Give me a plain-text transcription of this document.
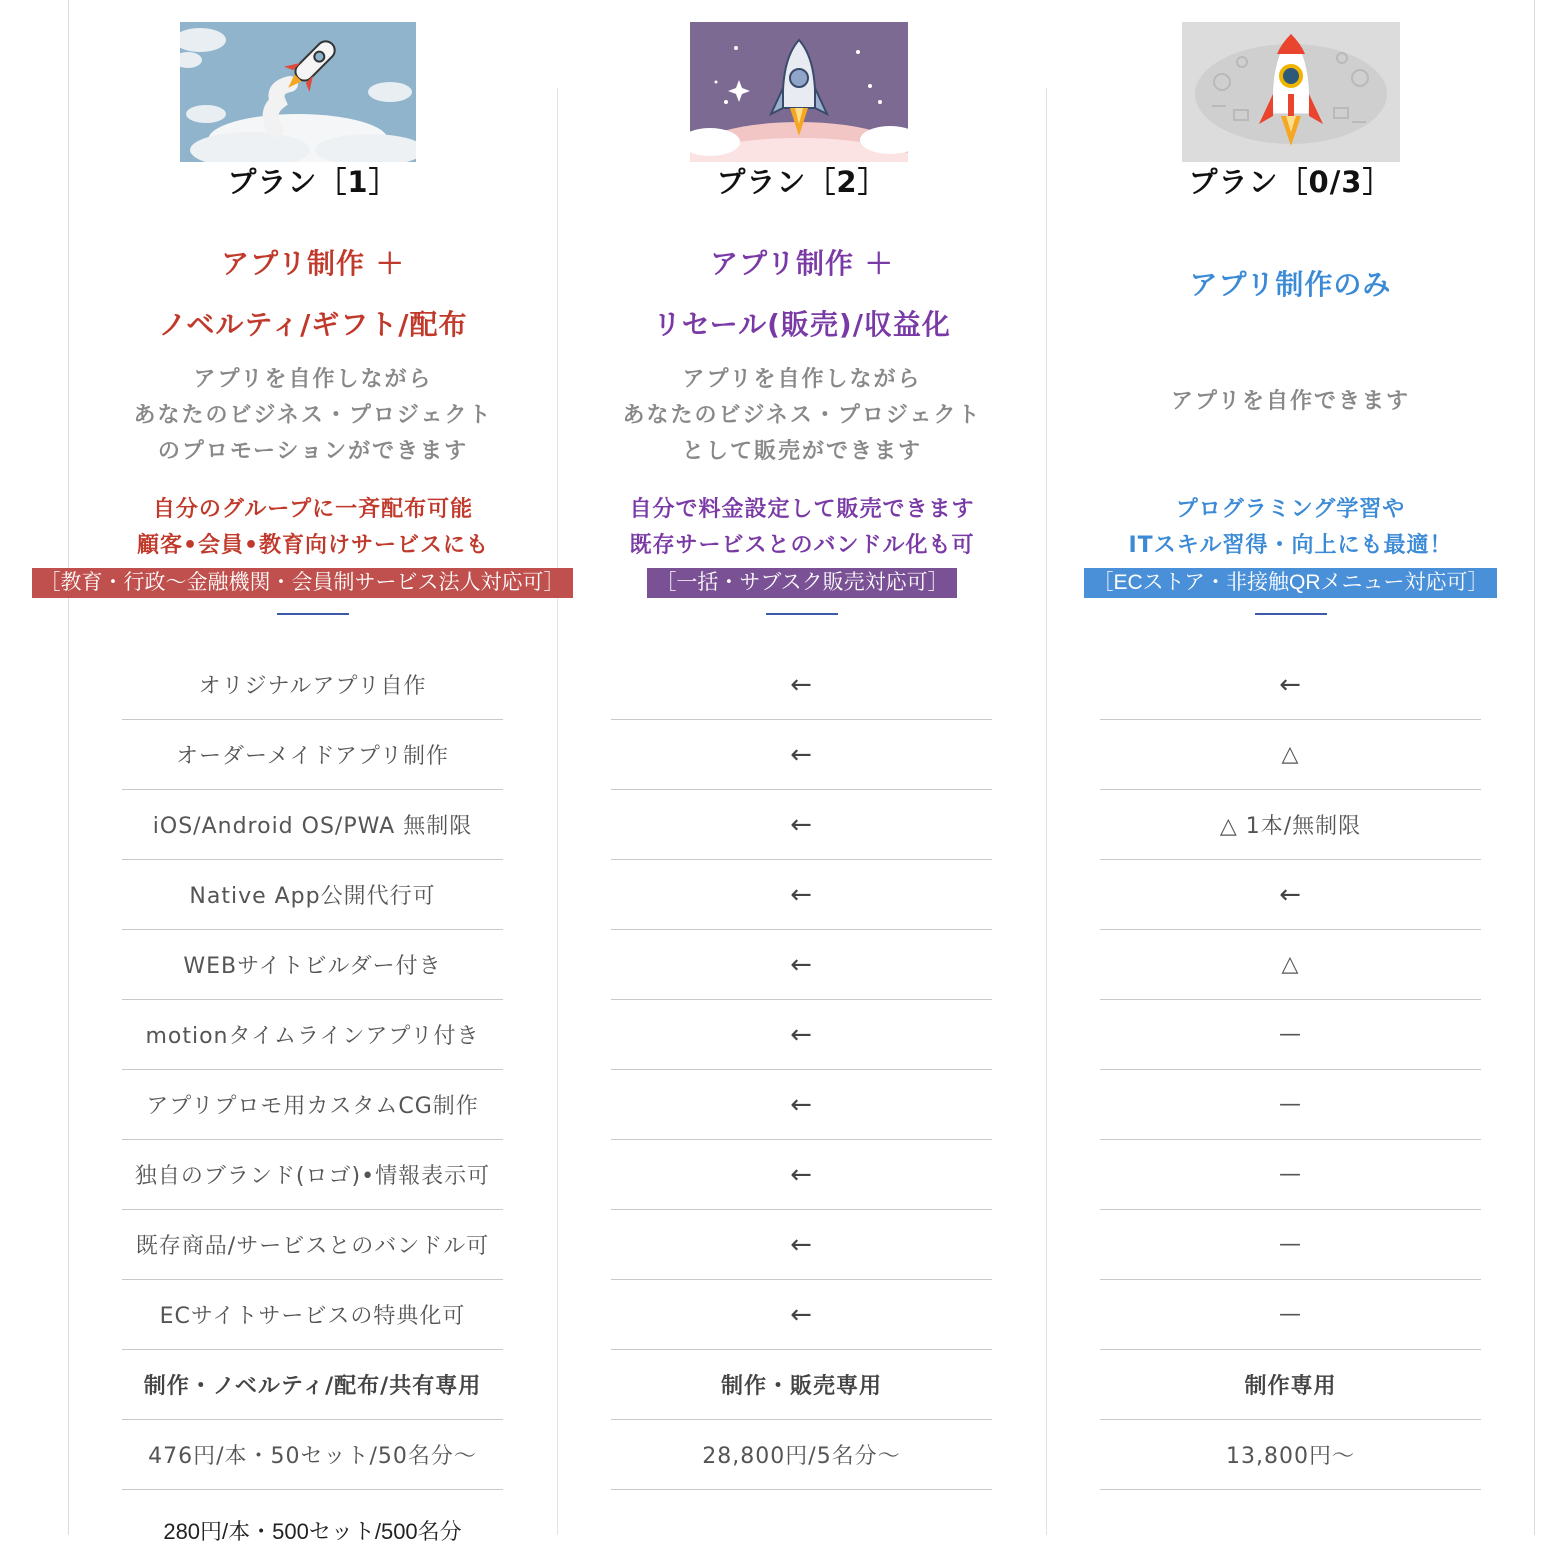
プラン［1］
アプリ制作 ＋
ノベルティ/ギフト/配布
アプリを自作しながら
あなたのビジネス・プロジェクト
のプロモーションができます
自分のグループに一斉配布可能
顧客•会員•教育向けサービスにも
［教育・行政〜金融機関・会員制サービス法人対応可］
オリジナルアプリ自作
オーダーメイドアプリ制作
iOS/Android OS/PWA 無制限
Native App公開代行可
WEBサイトビルダー付き
motionタイムラインアプリ付き
アプリプロモ用カスタムCG制作
独自のブランド(ロゴ)•情報表示可
既存商品/サービスとのバンドル可
ECサイトサービスの特典化可
制作・ノベルティ/配布/共有専用
476円/本・50セット/50名分〜
280円/本・500セット/500名分
プラン［2］
アプリ制作 ＋
リセール(販売)/収益化
アプリを自作しながら
あなたのビジネス・プロジェクト
として販売ができます
自分で料金設定して販売できます
既存サービスとのバンドル化も可
［一括・サブスク販売対応可］
←
←
←
←
←
←
←
←
←
←
制作・販売専用
28,800円/5名分〜
プラン［0/3］
アプリ制作のみ
アプリを自作できます
プログラミング学習や
ITスキル習得・向上にも最適！
［ECストア・非接触QRメニュー対応可］
←
△
△ 1本/無制限
←
△
—
—
—
—
—
制作専用
13,800円〜
